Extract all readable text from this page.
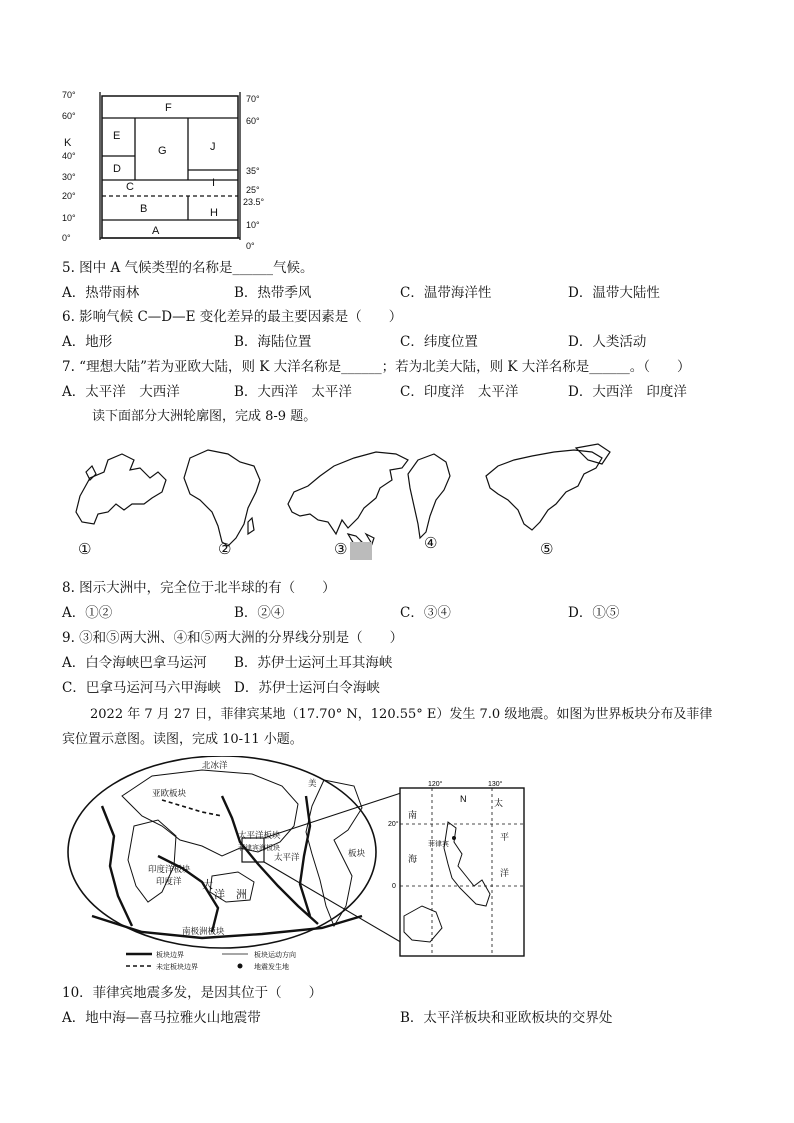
70°
60°
40°
30°
20°
10°
0°
K
70°
60°
35°
25°
23.5°
10°
0°
F
E
G	J
D
I
C
B	H
A
5. 图中 A 气候类型的名称是______气候。
A．热带雨林	B．热带季风	C．温带海洋性	D．温带大陆性
6. 影响气候 C—D—E 变化差异的最主要因素是（　　）
A．地形	B．海陆位置	C．纬度位置	D．人类活动
7. “理想大陆”若为亚欧大陆，则 K 大洋名称是______；若为北美大陆，则 K 大洋名称是______。（　　）
A．太平洋　大西洋	B．大西洋　太平洋	C．印度洋　太平洋	D．大西洋　印度洋
读下面部分大洲轮廓图，完成 8-9 题。
①	②	③	④	⑤
8. 图示大洲中，完全位于北半球的有（　　）
A．①②	B．②④	C．③④	D．①⑤
9. ③和⑤两大洲、④和⑤两大洲的分界线分别是（　　）
A．白令海峡巴拿马运河 B．苏伊士运河土耳其海峡
C．巴拿马运河马六甲海峡 D．苏伊士运河白令海峡
2022 年 7 月 27 日，菲律宾某地（17.70° N，120.55° E）发生 7.0 级地震。如图为世界板块分布及菲律
宾位置示意图。读图，完成 10-11 小题。
北冰洋
亚欧板块
美
太平洋板块
菲律宾海板块
太平洋
印度洋板块
印度洋 大
洋 洲
板块
南极洲板块
板块边界
未定板块边界
板块运动方向
地震发生地
120°	130°
N
20°
0
南
海
菲律宾
平
洋
太
10．菲律宾地震多发，是因其位于（　　）
A．地中海—喜马拉雅火山地震带	B．太平洋板块和亚欧板块的交界处
